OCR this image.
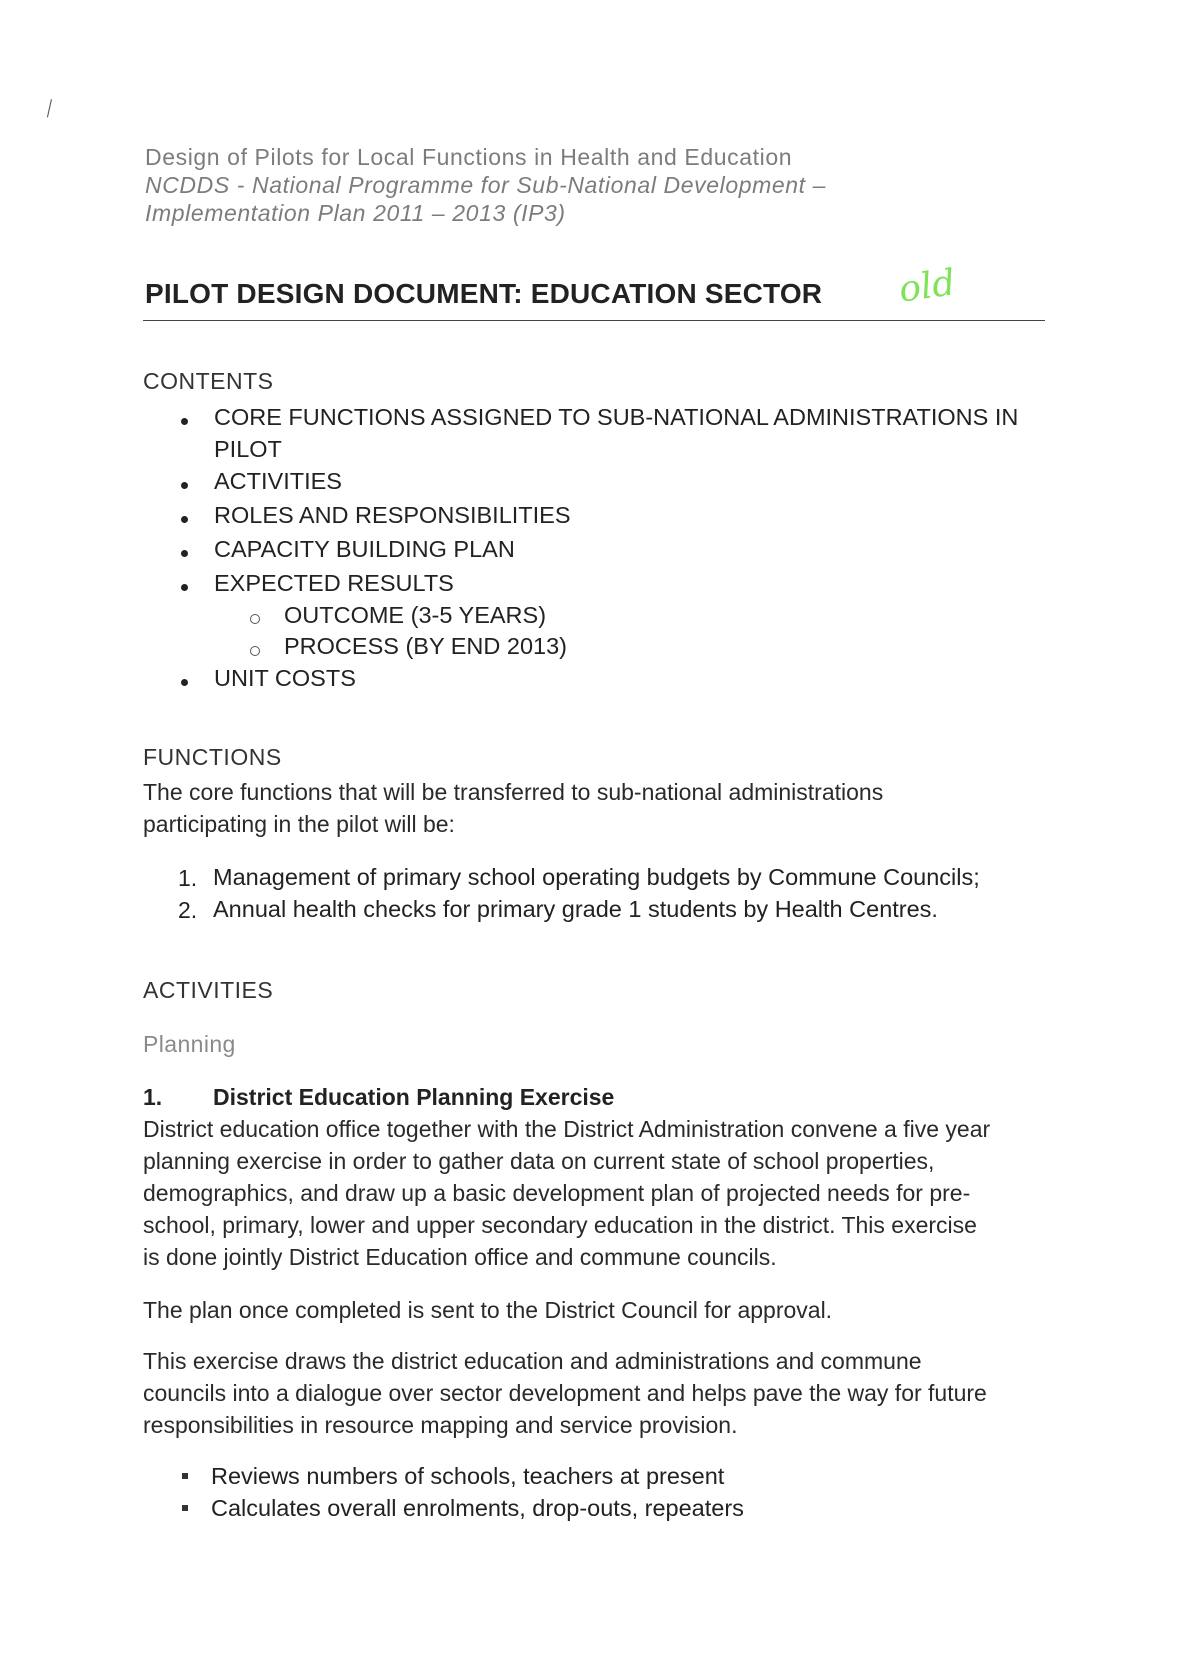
╲
Design of Pilots for Local Functions in Health and Education
NCDDS - National Programme for Sub-National Development –
Implementation Plan 2011 – 2013 (IP3)
PILOT DESIGN DOCUMENT: EDUCATION SECTOR old
CONTENTS
CORE FUNCTIONS ASSIGNED TO SUB-NATIONAL ADMINISTRATIONS IN
PILOT
ACTIVITIES
ROLES AND RESPONSIBILITIES
CAPACITY BUILDING PLAN
EXPECTED RESULTS
OUTCOME (3-5 YEARS)
PROCESS (BY END 2013)
UNIT COSTS
FUNCTIONS
The core functions that will be transferred to sub-national administrations
participating in the pilot will be:
1. Management of primary school operating budgets by Commune Councils;
2. Annual health checks for primary grade 1 students by Health Centres.
ACTIVITIES
Planning
1. District Education Planning Exercise
District education office together with the District Administration convene a five year
planning exercise in order to gather data on current state of school properties,
demographics, and draw up a basic development plan of projected needs for pre-
school, primary, lower and upper secondary education in the district. This exercise
is done jointly District Education office and commune councils.
The plan once completed is sent to the District Council for approval.
This exercise draws the district education and administrations and commune
councils into a dialogue over sector development and helps pave the way for future
responsibilities in resource mapping and service provision.
Reviews numbers of schools, teachers at present
Calculates overall enrolments, drop-outs, repeaters
